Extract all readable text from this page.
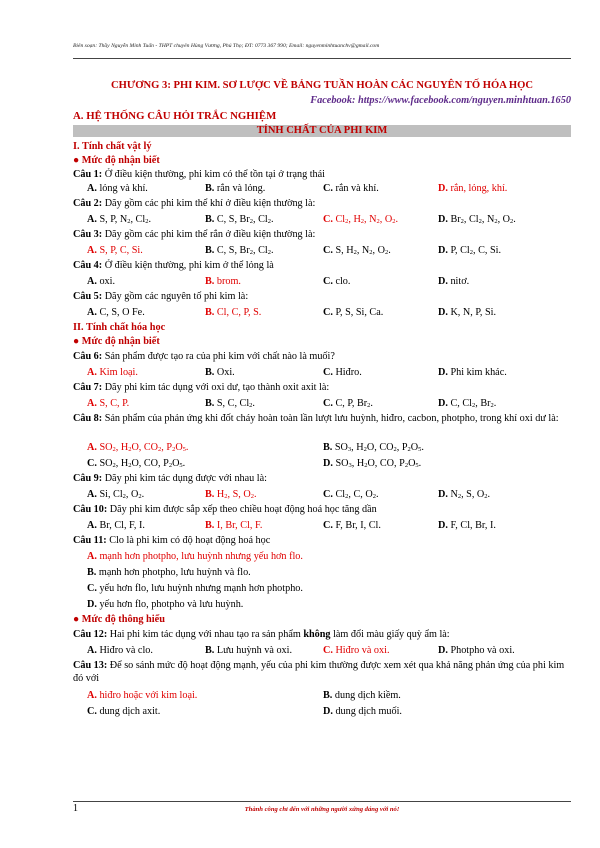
Biên soạn: Thầy Nguyễn Minh Tuấn - THPT chuyên Hùng Vương, Phú Thọ; ĐT: 0773 367 990; Email: nguyenminhtuanchv@gmail.com
CHƯƠNG 3: PHI KIM. SƠ LƯỢC VỀ BẢNG TUẦN HOÀN CÁC NGUYÊN TỐ HÓA HỌC
Facebook: https://www.facebook.com/nguyen.minhtuan.1650
A. HỆ THỐNG CÂU HỎI TRẮC NGHIỆM
TÍNH CHẤT CỦA PHI KIM
I. Tính chất vật lý
● Mức độ nhận biết
Câu 1: Ở điều kiện thường, phi kim có thể tồn tại ở trạng thái
A. lỏng và khí.	B. rắn và lỏng.	C. rắn và khí.	D. rắn, lỏng, khí.
Câu 2: Dãy gồm các phi kim thể khí ở điều kiện thường là:
A. S, P, $N_2$, $Cl_2$.	B. C, S, $Br_2$, $Cl_2$.	C. $Cl_2$, $H_2$, $N_2$, $O_2$.	D. $Br_2$, $Cl_2$, $N_2$, $O_2$.
Câu 3: Dãy gồm các phi kim thể rắn ở điều kiện thường là:
A. S, P, C, Si.	B. C, S, $Br_2$, $Cl_2$.	C. S, $H_2$, $N_2$, $O_2$.	D. P, $Cl_2$, C, Si.
Câu 4: Ở điều kiện thường, phi kim ở thể lỏng là
A. oxi.	B. brom.	C. clo.	D. nitơ.
Câu 5: Dãy gồm các nguyên tố phi kim là:
A. C, S, O Fe.	B. Cl, C, P, S.	C. P, S, Si, Ca.	D. K, N, P, Si.
II. Tính chất hóa học
● Mức độ nhận biết
Câu 6: Sản phẩm được tạo ra của phi kim với chất nào là muối?
A. Kim loại.	B. Oxi.	C. Hiđro.	D. Phi kim khác.
Câu 7: Dãy phi kim tác dụng với oxi dư, tạo thành oxit axit là:
A. S, C, P.	B. S, C, $Cl_2$.	C. C, P, $Br_2$.	D. C, $Cl_2$, $Br_2$.
Câu 8: Sản phẩm của phản ứng khi đốt cháy hoàn toàn lần lượt lưu huỳnh, hiđro, cacbon, photpho, trong khí oxi dư là:
A. $SO_2$, $H_2O$, $CO_2$, $P_2O_5$.	B. $SO_3$, $H_2O$, $CO_2$, $P_2O_5$.
C. $SO_2$, $H_2O$, CO, $P_2O_5$.	D. $SO_3$, $H_2O$, CO, $P_2O_5$.
Câu 9: Dãy phi kim tác dụng được với nhau là:
A. Si, $Cl_2$, $O_2$.	B. $H_2$, S, $O_2$.	C. $Cl_2$, C, $O_2$.	D. $N_2$, S, $O_2$.
Câu 10: Dãy phi kim được sắp xếp theo chiều hoạt động hoá học tăng dần
A. Br, Cl, F, I.	B. I, Br, Cl, F.	C. F, Br, I, Cl.	D. F, Cl, Br, I.
Câu 11: Clo là phi kim có độ hoạt động hoá học
A. mạnh hơn photpho, lưu huỳnh nhưng yếu hơn flo.
B. mạnh hơn photpho, lưu huỳnh và flo.
C. yếu hơn flo, lưu huỳnh nhưng mạnh hơn photpho.
D. yếu hơn flo, photpho và lưu huỳnh.
● Mức độ thông hiểu
Câu 12: Hai phi kim tác dụng với nhau tạo ra sản phẩm không làm đổi màu giấy quỳ ẩm là:
A. Hiđro và clo.	B. Lưu huỳnh và oxi.	C. Hiđro và oxi.	D. Photpho và oxi.
Câu 13: Để so sánh mức độ hoạt động mạnh, yếu của phi kim thường được xem xét qua khả năng phản ứng của phi kim đó với
A. hiđro hoặc với kim loại.	B. dung dịch kiềm.
C. dung dịch axit.	D. dung dịch muối.
1	Thành công chỉ đến với những người xứng đáng với nó!
